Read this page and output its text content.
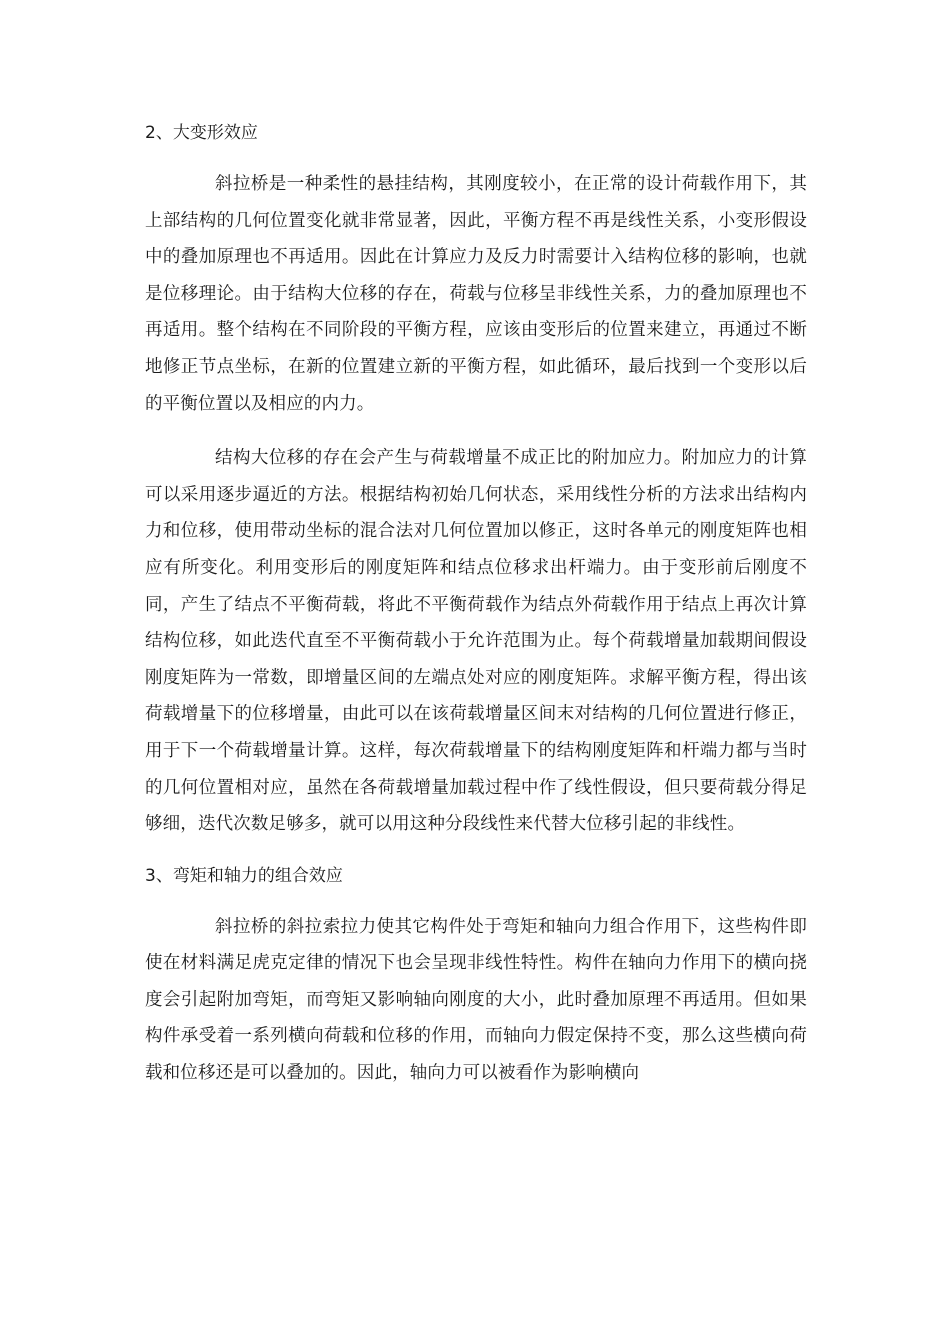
2、大变形效应

斜拉桥是一种柔性的悬挂结构，其刚度较小，在正常的设计荷载作用下，其上部结构的几何位置变化就非常显著，因此，平衡方程不再是线性关系，小变形假设中的叠加原理也不再适用。因此在计算应力及反力时需要计入结构位移的影响，也就是位移理论。由于结构大位移的存在，荷载与位移呈非线性关系，力的叠加原理也不再适用。整个结构在不同阶段的平衡方程，应该由变形后的位置来建立，再通过不断地修正节点坐标，在新的位置建立新的平衡方程，如此循环，最后找到一个变形以后的平衡位置以及相应的内力。

结构大位移的存在会产生与荷载增量不成正比的附加应力。附加应力的计算可以采用逐步逼近的方法。根据结构初始几何状态，采用线性分析的方法求出结构内力和位移，使用带动坐标的混合法对几何位置加以修正，这时各单元的刚度矩阵也相应有所变化。利用变形后的刚度矩阵和结点位移求出杆端力。由于变形前后刚度不同，产生了结点不平衡荷载，将此不平衡荷载作为结点外荷载作用于结点上再次计算结构位移，如此迭代直至不平衡荷载小于允许范围为止。每个荷载增量加载期间假设刚度矩阵为一常数，即增量区间的左端点处对应的刚度矩阵。求解平衡方程，得出该荷载增量下的位移增量，由此可以在该荷载增量区间末对结构的几何位置进行修正，用于下一个荷载增量计算。这样，每次荷载增量下的结构刚度矩阵和杆端力都与当时的几何位置相对应，虽然在各荷载增量加载过程中作了线性假设，但只要荷载分得足够细，迭代次数足够多，就可以用这种分段线性来代替大位移引起的非线性。

3、弯矩和轴力的组合效应

斜拉桥的斜拉索拉力使其它构件处于弯矩和轴向力组合作用下，这些构件即使在材料满足虎克定律的情况下也会呈现非线性特性。构件在轴向力作用下的横向挠度会引起附加弯矩，而弯矩又影响轴向刚度的大小，此时叠加原理不再适用。但如果构件承受着一系列横向荷载和位移的作用，而轴向力假定保持不变，那么这些横向荷载和位移还是可以叠加的。因此，轴向力可以被看作为影响横向
